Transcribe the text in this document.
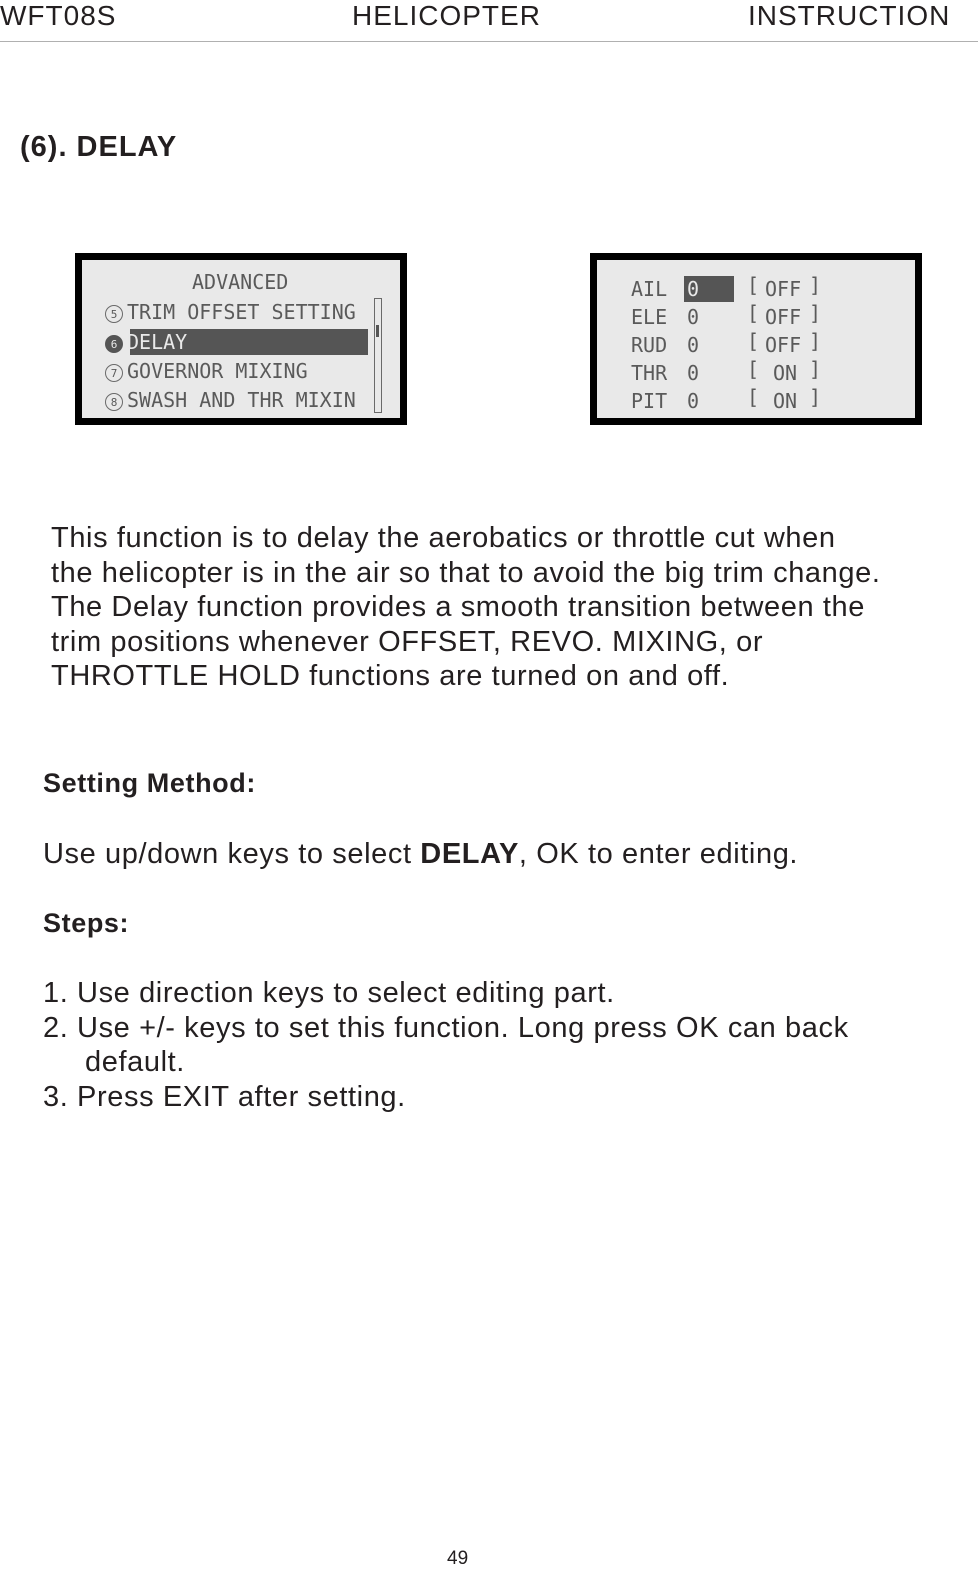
WFT08S	HELICOPTER	INSTRUCTION
(6). DELAY
ADVANCED
5 TRIM OFFSET SETTING
6 DELAY
7 GOVERNOR MIXING
8 SWASH AND THR MIXIN
AIL 0 [ OFF ]
ELE 0 [ OFF ]
RUD 0 [ OFF ]
THR 0 [ ON ]
PIT 0 [ ON ]
This function is to delay the aerobatics or throttle cut when
the helicopter is in the air so that to avoid the big trim change.
The Delay function provides a smooth transition between the
trim positions whenever OFFSET, REVO. MIXING, or
THROTTLE HOLD functions are turned on and off.
Setting Method:
Use up/down keys to select DELAY, OK to enter editing.
Steps:
1. Use direction keys to select editing part.
2. Use +/- keys to set this function. Long press OK can back
default.
3. Press EXIT after setting.
49
